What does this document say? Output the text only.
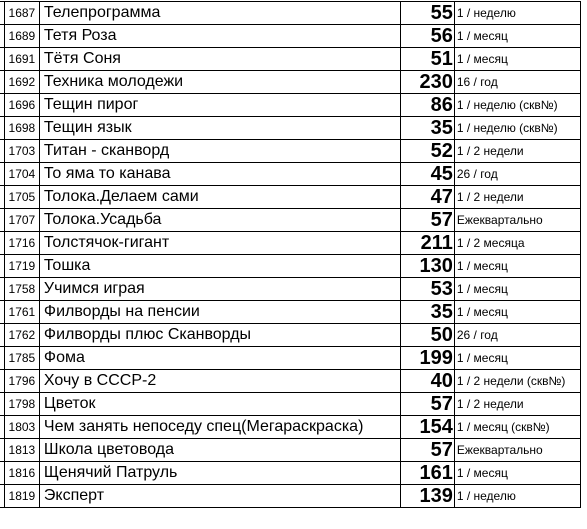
	1687	Телепрограмма	55	1 / неделю
	1689	Тетя Роза	56	1 / месяц
	1691	Тётя Соня	51	1 / месяц
	1692	Техника молодежи	230	16 / год
	1696	Тещин пирог	86	1 / неделю (скв№)
	1698	Тещин язык	35	1 / неделю (скв№)
	1703	Титан - сканворд	52	1 / 2 недели
	1704	То яма то канава	45	26 / год
	1705	Толока.Делаем сами	47	1 / 2 недели
	1707	Толока.Усадьба	57	Ежеквартально
	1716	Толстячок-гигант	211	1 / 2 месяца
	1719	Тошка	130	1 / месяц
	1758	Учимся играя	53	1 / месяц
	1761	Филворды на пенсии	35	1 / месяц
	1762	Филворды плюс Сканворды	50	26 / год
	1785	Фома	199	1 / месяц
	1796	Хочу в СССР-2	40	1 / 2 недели (скв№)
	1798	Цветок	57	1 / 2 недели
	1803	Чем занять непоседу спец(Мегараскраска)	154	1 / месяц (скв№)
	1813	Школа цветовода	57	Ежеквартально
	1816	Щенячий Патруль	161	1 / месяц
	1819	Эксперт	139	1 / неделю
